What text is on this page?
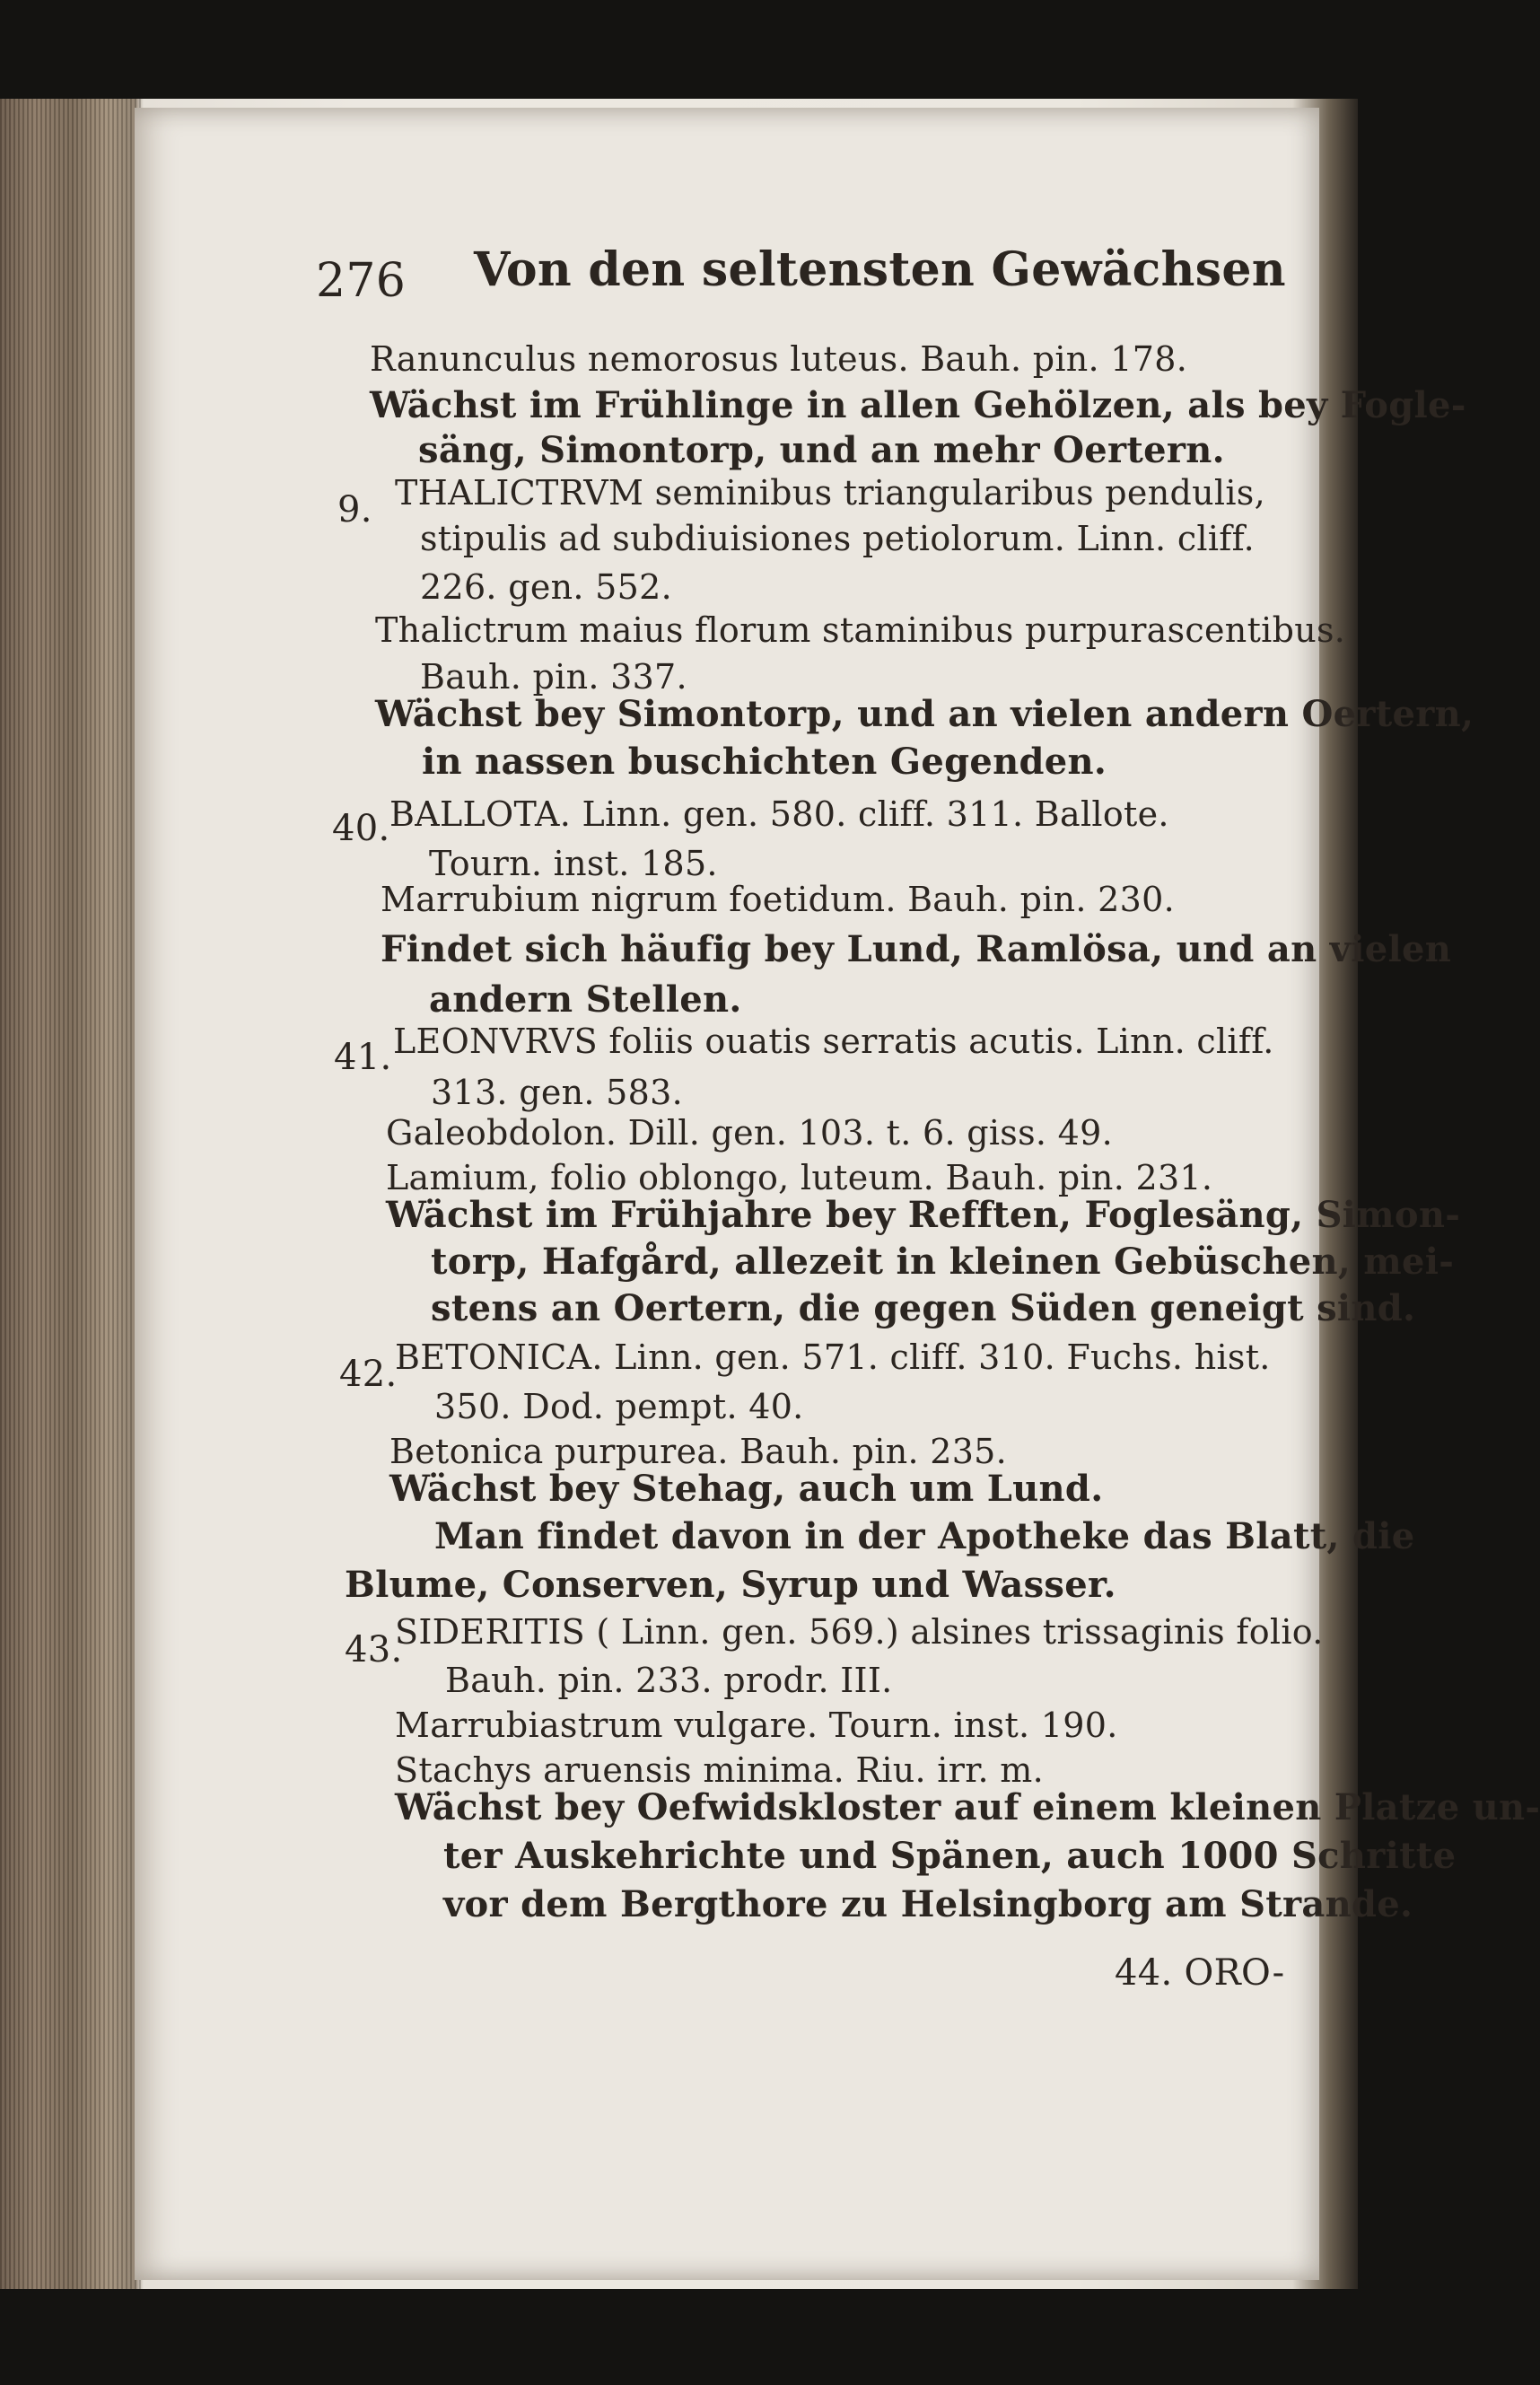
276 Von den seltensten Gewächsen
Ranunculus nemorosus luteus. Bauh. pin. 178.
Wächst im Frühlinge in allen Gehölzen, als bey Fogle-
säng, Simontorp, und an mehr Oertern.
9. THALICTRVM seminibus triangularibus pendulis,
stipulis ad subdiuisiones petiolorum. Linn. cliff.
226. gen. 552.
Thalictrum maius florum staminibus purpurascentibus.
Bauh. pin. 337.
Wächst bey Simontorp, und an vielen andern Oertern,
in nassen buschichten Gegenden.
40. BALLOTA. Linn. gen. 580. cliff. 311. Ballote.
Tourn. inst. 185.
Marrubium nigrum foetidum. Bauh. pin. 230.
Findet sich häufig bey Lund, Ramlösa, und an vielen
andern Stellen.
41. LEONVRVS foliis ouatis serratis acutis. Linn. cliff.
313. gen. 583.
Galeobdolon. Dill. gen. 103. t. 6. giss. 49.
Lamium, folio oblongo, luteum. Bauh. pin. 231.
Wächst im Frühjahre bey Refften, Foglesäng, Simon-
torp, Hafgård, allezeit in kleinen Gebüschen, mei-
stens an Oertern, die gegen Süden geneigt sind.
42.
BETONICA. Linn. gen. 571. cliff. 310. Fuchs. hist.
350. Dod. pempt. 40.
Betonica purpurea. Bauh. pin. 235.
Wächst bey Stehag, auch um Lund.
Man findet davon in der Apotheke das Blatt, die
Blume, Conserven, Syrup und Wasser.
43.
SIDERITIS ( Linn. gen. 569.) alsines trissaginis folio.
Bauh. pin. 233. prodr. III.
Marrubiastrum vulgare. Tourn. inst. 190.
Stachys aruensis minima. Riu. irr. m.
Wächst bey Oefwidskloster auf einem kleinen Platze un-
ter Auskehrichte und Spänen, auch 1000 Schritte
vor dem Bergthore zu Helsingborg am Strande.
44. ORO-
